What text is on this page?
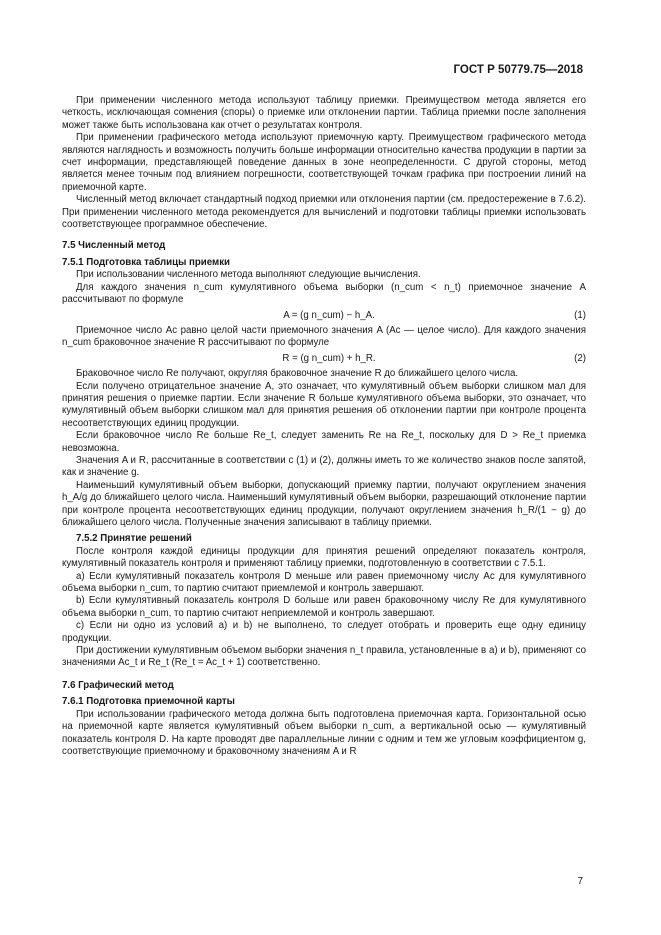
ГОСТ Р 50779.75—2018

При применении численного метода используют таблицу приемки. Преимуществом метода является его четкость, исключающая сомнения (споры) о приемке или отклонении партии. Таблица приемки после заполнения может также быть использована как отчет о результатах контроля.

При применении графического метода используют приемочную карту. Преимуществом графического метода являются наглядность и возможность получить больше информации относительно качества продукции в партии за счет информации, представляющей поведение данных в зоне неопределенности. С другой стороны, метод является менее точным под влиянием погрешности, соответствующей точкам графика при построении линий на приемочной карте.

Численный метод включает стандартный подход приемки или отклонения партии (см. предостережение в 7.6.2). При применении численного метода рекомендуется для вычислений и подготовки таблицы приемки использовать соответствующее программное обеспечение.

7.5 Численный метод

7.5.1 Подготовка таблицы приемки

При использовании численного метода выполняют следующие вычисления.

Для каждого значения n_cum кумулятивного объема выборки (n_cum < n_t) приемочное значение A рассчитывают по формуле

A = (g n_cum) − h_A.	(1)

Приемочное число Ac равно целой части приемочного значения A (Ac — целое число). Для каждого значения n_cum браковочное значение R рассчитывают по формуле

R = (g n_cum) + h_R.	(2)

Браковочное число Re получают, округляя браковочное значение R до ближайшего целого числа.

Если получено отрицательное значение A, это означает, что кумулятивный объем выборки слишком мал для принятия решения о приемке партии. Если значение R больше кумулятивного объема выборки, это означает, что кумулятивный объем выборки слишком мал для принятия решения об отклонении партии при контроле процента несоответствующих единиц продукции.

Если браковочное число Re больше Re_t, следует заменить Re на Re_t, поскольку для D > Re_t приемка невозможна.

Значения A и R, рассчитанные в соответствии с (1) и (2), должны иметь то же количество знаков после запятой, как и значение g.

Наименьший кумулятивный объем выборки, допускающий приемку партии, получают округлением значения h_A/g до ближайшего целого числа. Наименьший кумулятивный объем выборки, разрешающий отклонение партии при контроле процента несоответствующих единиц продукции, получают округлением значения h_R/(1 − g) до ближайшего целого числа. Полученные значения записывают в таблицу приемки.

7.5.2 Принятие решений

После контроля каждой единицы продукции для принятия решений определяют показатель контроля, кумулятивный показатель контроля и применяют таблицу приемки, подготовленную в соответствии с 7.5.1.

a) Если кумулятивный показатель контроля D меньше или равен приемочному числу Ac для кумулятивного объема выборки n_cum, то партию считают приемлемой и контроль завершают.

b) Если кумулятивный показатель контроля D больше или равен браковочному числу Re для кумулятивного объема выборки n_cum, то партию считают неприемлемой и контроль завершают.

c) Если ни одно из условий a) и b) не выполнено, то следует отобрать и проверить еще одну единицу продукции.

При достижении кумулятивным объемом выборки значения n_t правила, установленные в a) и b), применяют со значениями Ac_t и Re_t (Re_t = Ac_t + 1) соответственно.

7.6 Графический метод

7.6.1 Подготовка приемочной карты

При использовании графического метода должна быть подготовлена приемочная карта. Горизонтальной осью на приемочной карте является кумулятивный объем выборки n_cum, а вертикальной осью — кумулятивный показатель контроля D. На карте проводят две параллельные линии с одним и тем же угловым коэффициентом g, соответствующие приемочному и браковочному значениям A и R

7
